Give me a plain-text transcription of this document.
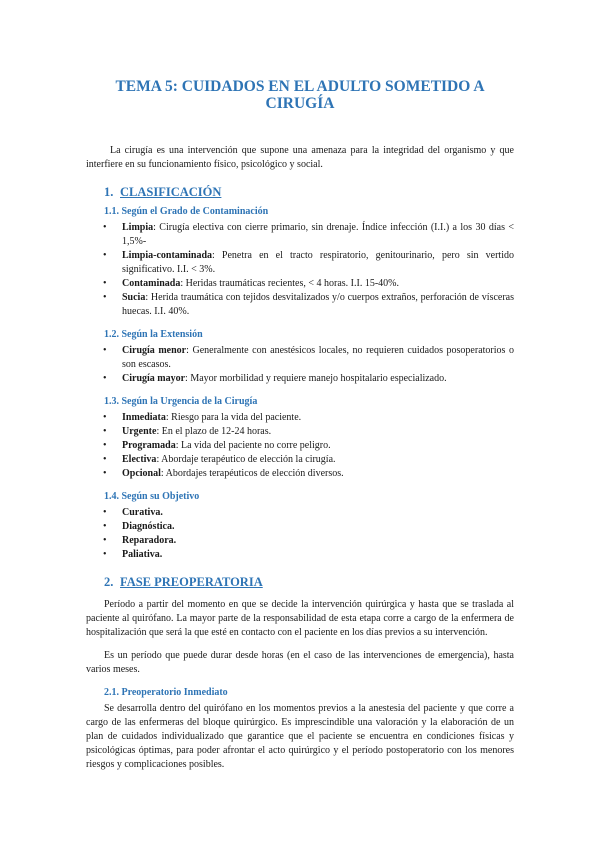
TEMA 5: CUIDADOS EN EL ADULTO SOMETIDO A CIRUGÍA

La cirugía es una intervención que supone una amenaza para la integridad del organismo y que interfiere en su funcionamiento físico, psicológico y social.

1. CLASIFICACIÓN
1.1. Según el Grado de Contaminación
• Limpia: Cirugía electiva con cierre primario, sin drenaje. Índice infección (I.I.) a los 30 días < 1,5%-
• Limpia-contaminada: Penetra en el tracto respiratorio, genitourinario, pero sin vertido significativo. I.I. < 3%.
• Contaminada: Heridas traumáticas recientes, < 4 horas. I.I. 15-40%.
• Sucia: Herida traumática con tejidos desvitalizados y/o cuerpos extraños, perforación de vísceras huecas. I.I. 40%.
1.2. Según la Extensión
• Cirugía menor: Generalmente con anestésicos locales, no requieren cuidados posoperatorios o son escasos.
• Cirugía mayor: Mayor morbilidad y requiere manejo hospitalario especializado.
1.3. Según la Urgencia de la Cirugía
• Inmediata: Riesgo para la vida del paciente.
• Urgente: En el plazo de 12-24 horas.
• Programada: La vida del paciente no corre peligro.
• Electiva: Abordaje terapéutico de elección la cirugía.
• Opcional: Abordajes terapéuticos de elección diversos.
1.4. Según su Objetivo
• Curativa.
• Diagnóstica.
• Reparadora.
• Paliativa.
2. FASE PREOPERATORIA

Período a partir del momento en que se decide la intervención quirúrgica y hasta que se traslada al paciente al quirófano. La mayor parte de la responsabilidad de esta etapa corre a cargo de la enfermera de hospitalización que será la que esté en contacto con el paciente en los días previos a su intervención.

Es un período que puede durar desde horas (en el caso de las intervenciones de emergencia), hasta varios meses.

2.1. Preoperatorio Inmediato

Se desarrolla dentro del quirófano en los momentos previos a la anestesia del paciente y que corre a cargo de las enfermeras del bloque quirúrgico. Es imprescindible una valoración y la elaboración de un plan de cuidados individualizado que garantice que el paciente se encuentra en condiciones físicas y psicológicas óptimas, para poder afrontar el acto quirúrgico y el período postoperatorio con los menores riesgos y complicaciones posibles.
